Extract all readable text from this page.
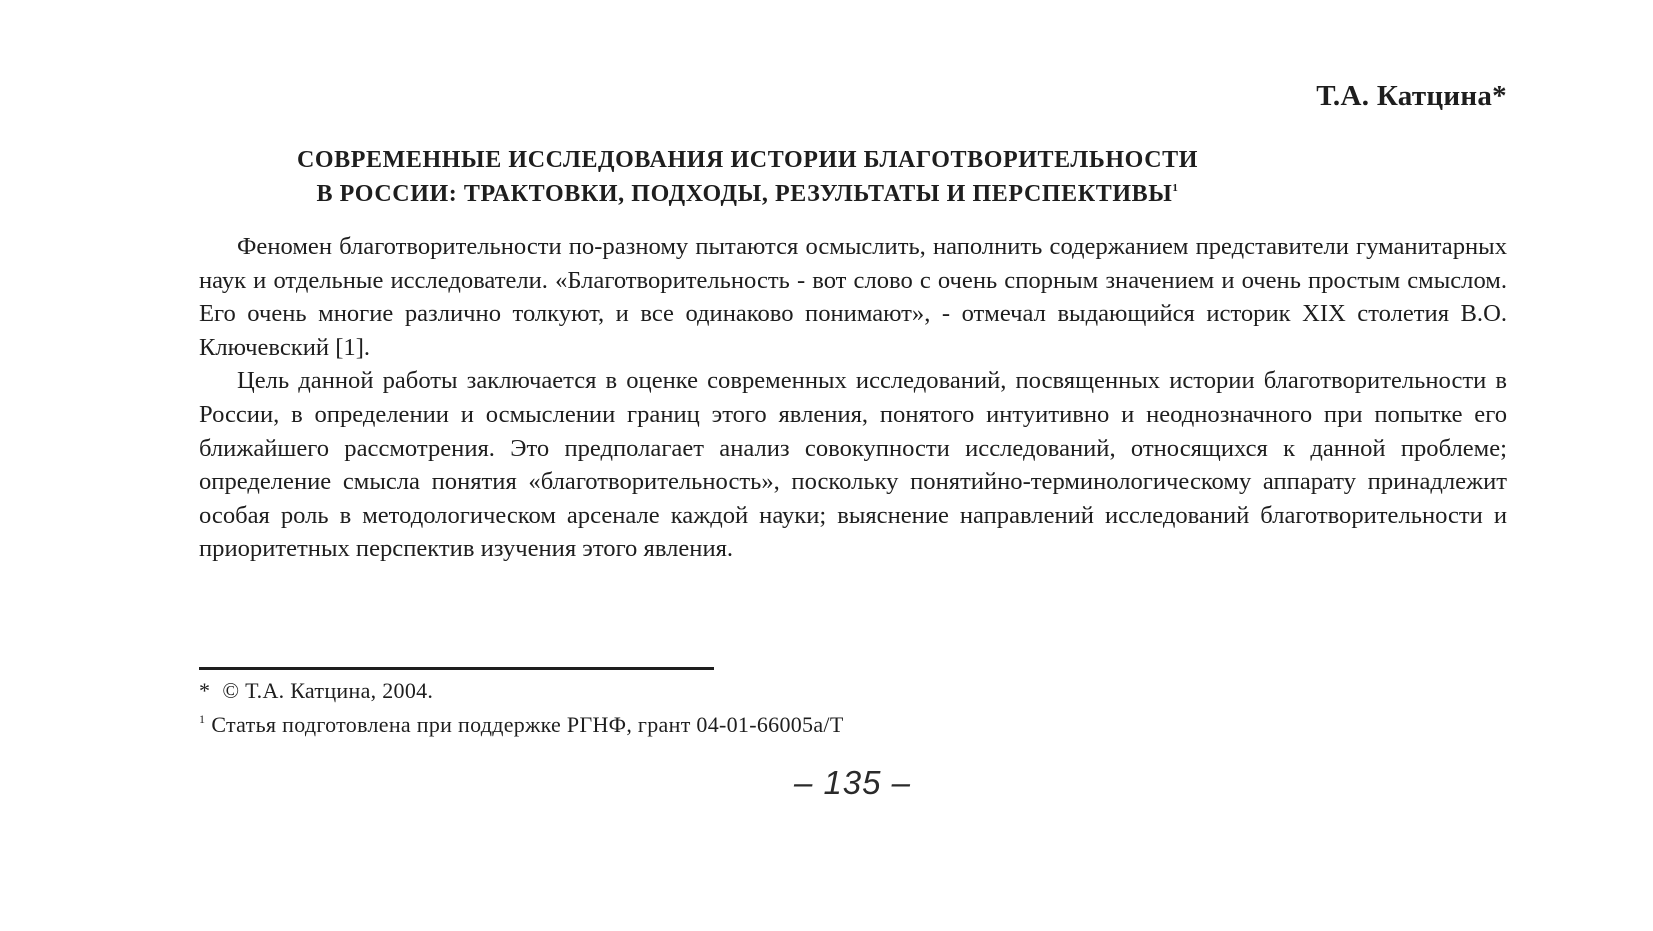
Т.А. Катцина*
СОВРЕМЕННЫЕ ИССЛЕДОВАНИЯ ИСТОРИИ БЛАГОТВОРИТЕЛЬНОСТИ
В РОССИИ: ТРАКТОВКИ, ПОДХОДЫ, РЕЗУЛЬТАТЫ И ПЕРСПЕКТИВЫ$^1$

Феномен благотворительности по-разному пытаются осмыслить, наполнить содержанием представители гуманитарных наук и отдельные исследователи. «Благотворительность - вот слово с очень спорным значением и очень простым смыслом. Его очень многие различно толкуют, и все одинаково понимают», - отмечал выдающийся историк XIX столетия В.О. Ключевский [1].

Цель данной работы заключается в оценке современных исследований, посвященных истории благотворительности в России, в определении и осмыслении границ этого явления, понятого интуитивно и неоднозначного при попытке его ближайшего рассмотрения. Это предполагает анализ совокупности исследований, относящихся к данной проблеме; определение смысла понятия «благотворительность», поскольку понятийно-терминологическому аппарату принадлежит особая роль в методологическом арсенале каждой науки; выяснение направлений исследований благотворительности и приоритетных перспектив изучения этого явления.

* © Т.А. Катцина, 2004.
1 Статья подготовлена при поддержке РГНФ, грант 04-01-66005а/Т
– 135 –
